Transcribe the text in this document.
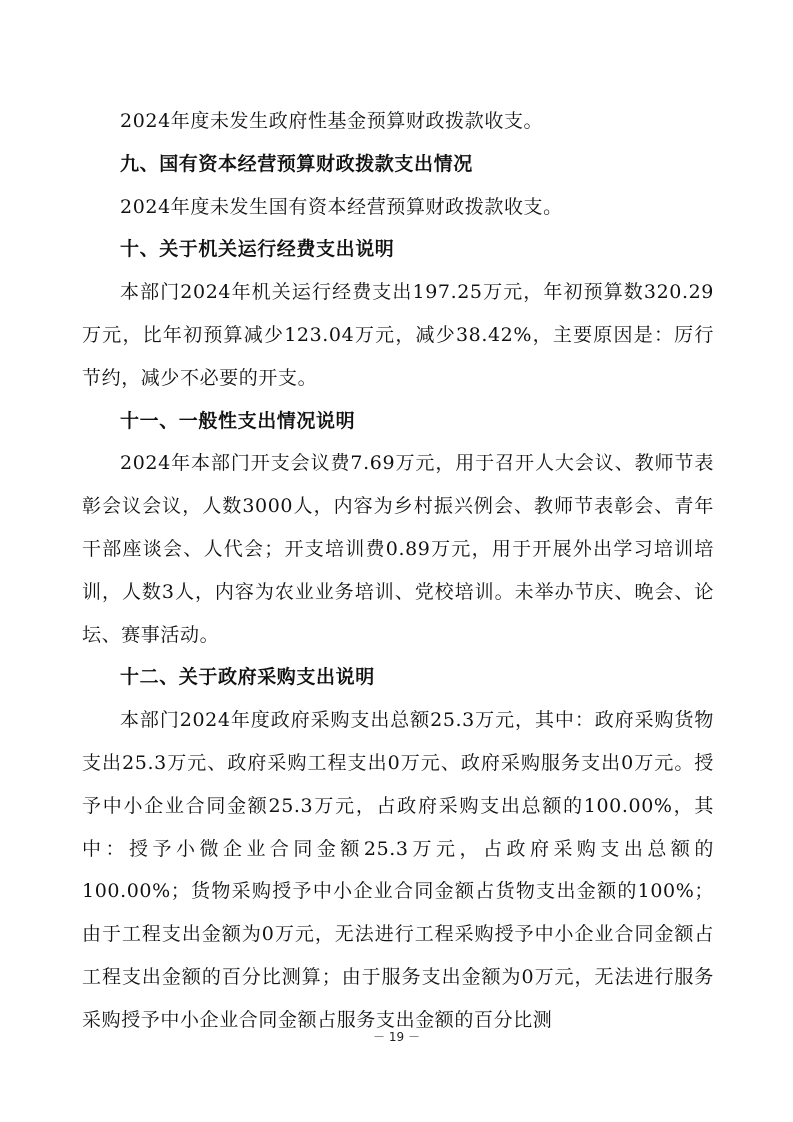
2024年度未发生政府性基金预算财政拨款收支。

九、国有资本经营预算财政拨款支出情况

2024年度未发生国有资本经营预算财政拨款收支。

十、关于机关运行经费支出说明

本部门2024年机关运行经费支出197.25万元，年初预算数320.29万元，比年初预算减少123.04万元，减少38.42%，主要原因是：厉行节约，减少不必要的开支。

十一、一般性支出情况说明

2024年本部门开支会议费7.69万元，用于召开人大会议、教师节表彰会议会议，人数3000人，内容为乡村振兴例会、教师节表彰会、青年干部座谈会、人代会；开支培训费0.89万元，用于开展外出学习培训培训，人数3人，内容为农业业务培训、党校培训。未举办节庆、晚会、论坛、赛事活动。

十二、关于政府采购支出说明

本部门2024年度政府采购支出总额25.3万元，其中：政府采购货物支出25.3万元、政府采购工程支出0万元、政府采购服务支出0万元。授予中小企业合同金额25.3万元，占政府采购支出总额的100.00%，其中：授予小微企业合同金额25.3万元，占政府采购支出总额的100.00%；货物采购授予中小企业合同金额占货物支出金额的100%；由于工程支出金额为0万元，无法进行工程采购授予中小企业合同金额占工程支出金额的百分比测算；由于服务支出金额为0万元，无法进行服务采购授予中小企业合同金额占服务支出金额的百分比测

－ 19 －
